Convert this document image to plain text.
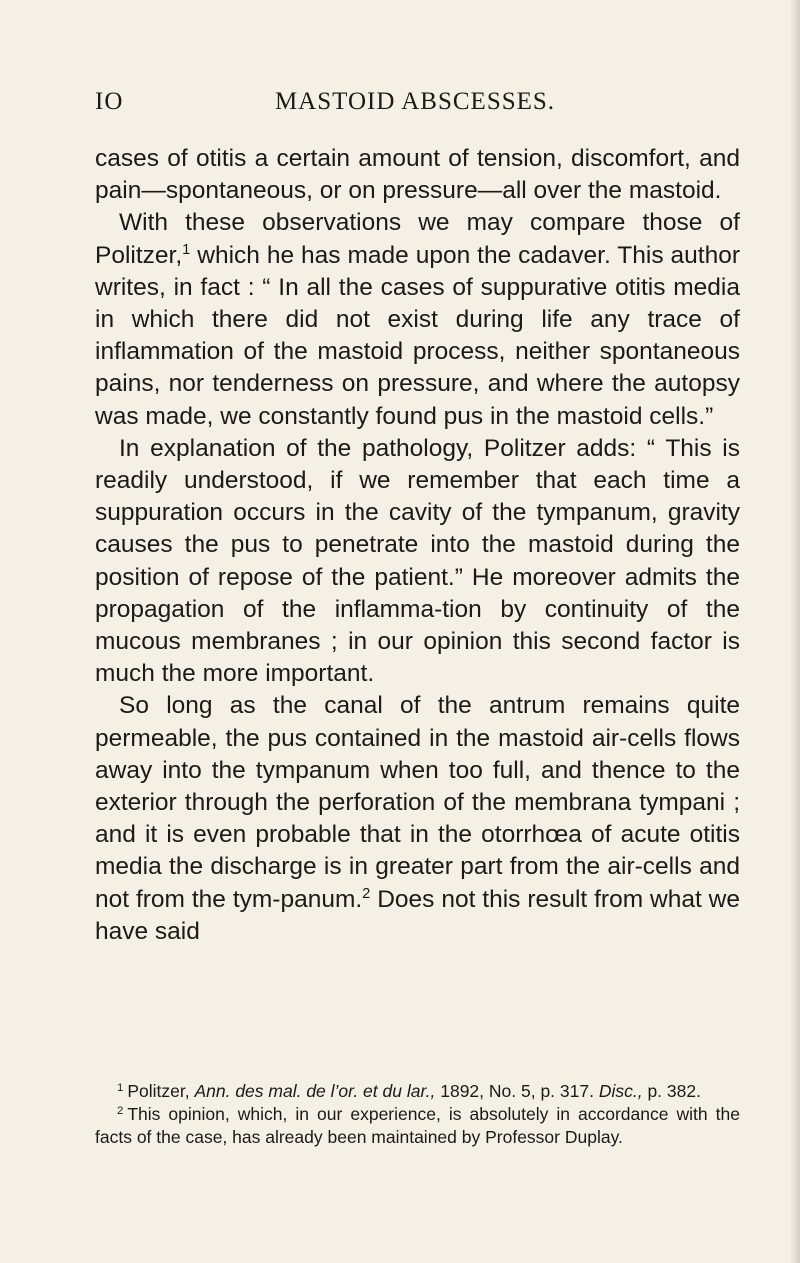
IO	MASTOID ABSCESSES.

cases of otitis a certain amount of tension, discomfort, and pain—spontaneous, or on pressure—all over the mastoid.

With these observations we may compare those of Politzer,$^1$ which he has made upon the cadaver. This author writes, in fact : “ In all the cases of suppurative otitis media in which there did not exist during life any trace of inflammation of the mastoid process, neither spontaneous pains, nor tenderness on pressure, and where the autopsy was made, we constantly found pus in the mastoid cells.”

In explanation of the pathology, Politzer adds: “ This is readily understood, if we remember that each time a suppuration occurs in the cavity of the tympanum, gravity causes the pus to penetrate into the mastoid during the position of repose of the patient.” He moreover admits the propagation of the inflamma-tion by continuity of the mucous membranes ; in our opinion this second factor is much the more important.

So long as the canal of the antrum remains quite permeable, the pus contained in the mastoid air-cells flows away into the tympanum when too full, and thence to the exterior through the perforation of the membrana tympani ; and it is even probable that in the otorrhœa of acute otitis media the discharge is in greater part from the air-cells and not from the tym-panum.$^2$ Does not this result from what we have said

$^1$ Politzer, Ann. des mal. de l’or. et du lar., 1892, No. 5, p. 317. Disc., p. 382.

$^2$ This opinion, which, in our experience, is absolutely in accordance with the facts of the case, has already been maintained by Professor Duplay.
